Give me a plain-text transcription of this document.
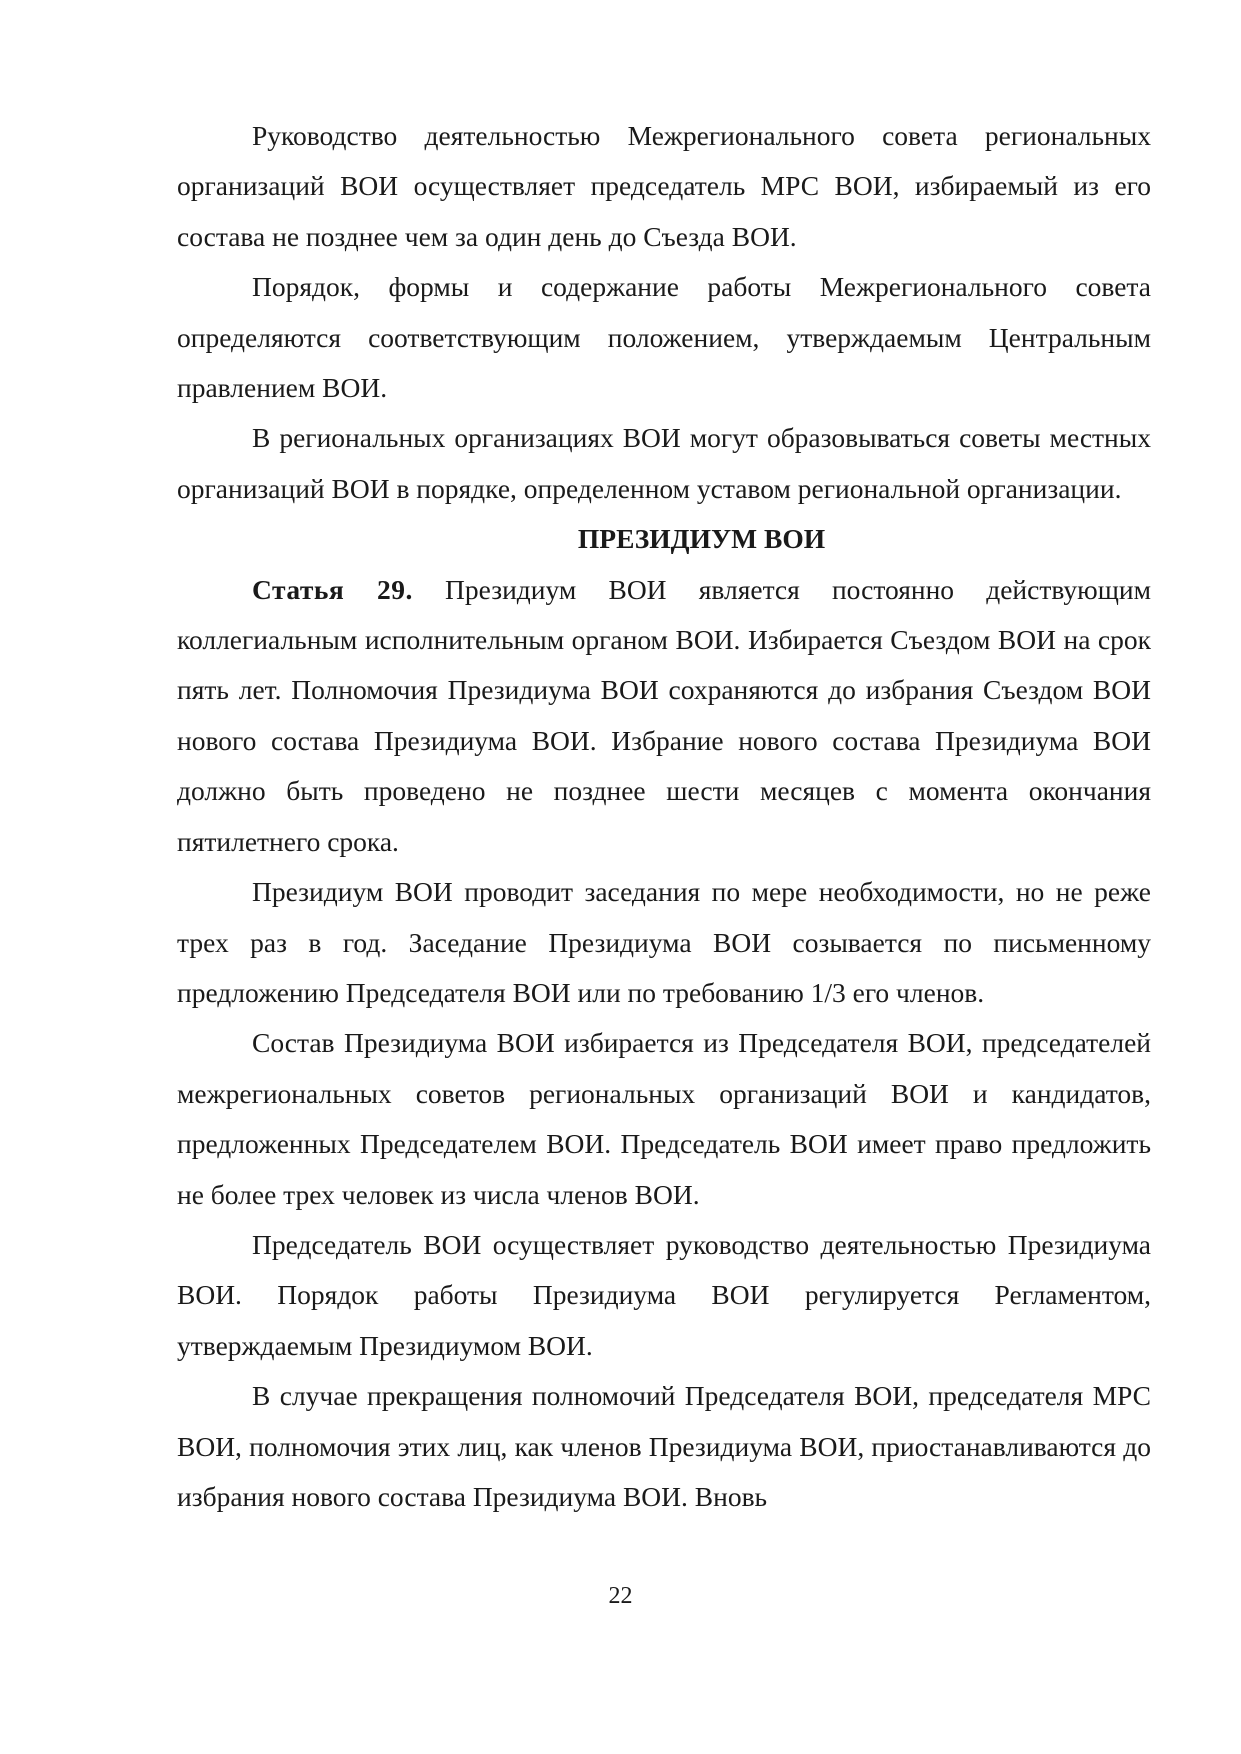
Руководство деятельностью Межрегионального совета региональных организаций ВОИ осуществляет председатель МРС ВОИ, избираемый из его состава не позднее чем за один день до Съезда ВОИ.

Порядок, формы и содержание работы Межрегионального совета определяются соответствующим положением, утверждаемым Центральным правлением ВОИ.

В региональных организациях ВОИ могут образовываться советы местных организаций ВОИ в порядке, определенном уставом региональной организации.

ПРЕЗИДИУМ ВОИ

Статья 29. Президиум ВОИ является постоянно действующим коллегиальным исполнительным органом ВОИ. Избирается Съездом ВОИ на срок пять лет. Полномочия Президиума ВОИ сохраняются до избрания Съездом ВОИ нового состава Президиума ВОИ. Избрание нового состава Президиума ВОИ должно быть проведено не позднее шести месяцев с момента окончания пятилетнего срока.

Президиум ВОИ проводит заседания по мере необходимости, но не реже трех раз в год. Заседание Президиума ВОИ созывается по письменному предложению Председателя ВОИ или по требованию 1/3 его членов.

Состав Президиума ВОИ избирается из Председателя ВОИ, председателей межрегиональных советов региональных организаций ВОИ и кандидатов, предложенных Председателем ВОИ. Председатель ВОИ имеет право предложить не более трех человек из числа членов ВОИ.

Председатель ВОИ осуществляет руководство деятельностью Президиума ВОИ. Порядок работы Президиума ВОИ регулируется Регламентом, утверждаемым Президиумом ВОИ.

В случае прекращения полномочий Председателя ВОИ, председателя МРС ВОИ, полномочия этих лиц, как членов Президиума ВОИ, приостанавливаются до избрания нового состава Президиума ВОИ. Вновь

22
